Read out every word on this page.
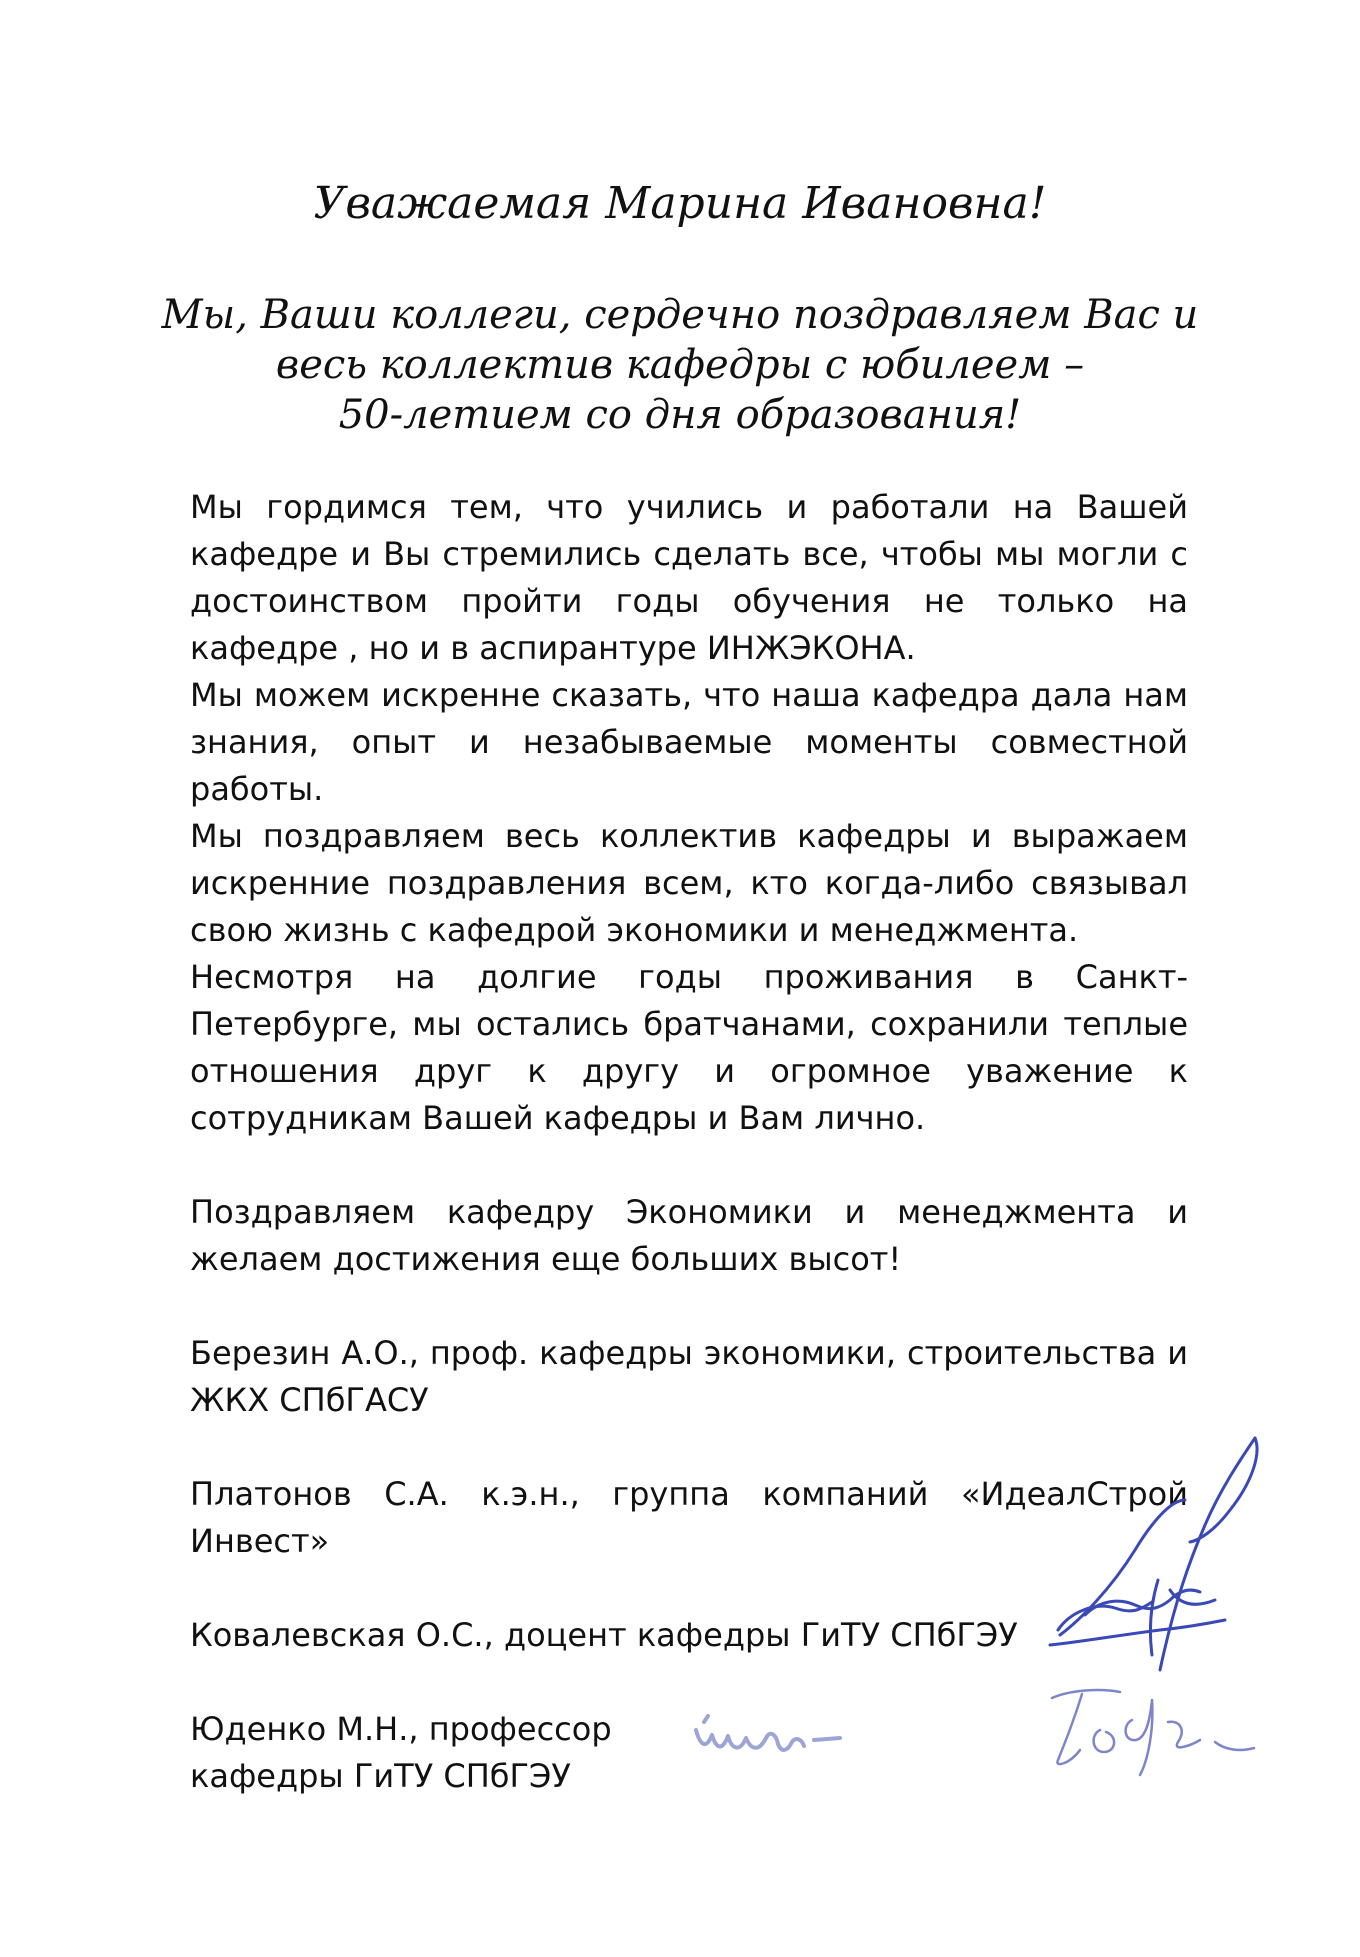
Уважаемая Марина Ивановна!
Мы, Ваши коллеги, сердечно поздравляем Вас и
весь коллектив кафедры с юбилеем –
50-летием со дня образования!

Мы гордимся тем, что учились и работали на Вашей кафедре и Вы стремились сделать все, чтобы мы могли с достоинством пройти годы обучения не только на кафедре , но и в аспирантуре ИНЖЭКОНА.

Мы можем искренне сказать, что наша кафедра дала нам знания, опыт и незабываемые моменты совместной работы.

Мы поздравляем весь коллектив кафедры и выражаем искренние поздравления всем, кто когда-либо связывал свою жизнь с кафедрой экономики и менеджмента.

Несмотря на долгие годы проживания в Санкт-Петербурге, мы остались братчанами, сохранили теплые отношения друг к другу и огромное уважение к сотрудникам Вашей кафедры и Вам лично.

Поздравляем кафедру Экономики и менеджмента и желаем достижения еще больших высот!

Березин А.О., проф. кафедры экономики, строительства и ЖКХ СПбГАСУ

Платонов С.А. к.э.н., группа компаний «ИдеалСтрой Инвест»

Ковалевская О.С., доцент кафедры ГиТУ СПбГЭУ

Юденко М.Н., профессор
кафедры ГиТУ СПбГЭУ
